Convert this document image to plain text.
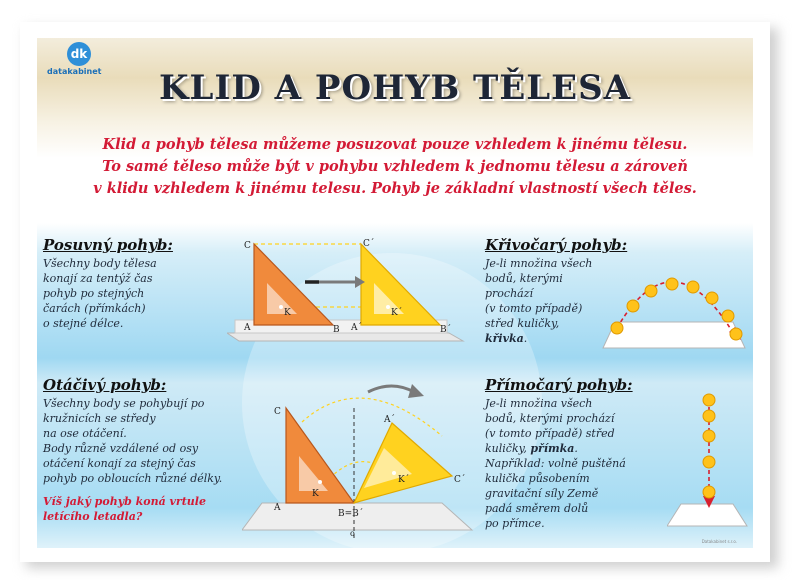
dk
datakabinet	KLID A POHYB TĚLESA
Klid a pohyb tělesa můžeme posuzovat pouze vzhledem k jinému tělesu.
To samé těleso může být v pohybu vzhledem k jednomu tělesu a zároveň
v klidu vzhledem k jinému telesu. Pohyb je základní vlastností všech těles.
Posuvný pohyb:

Všechny body tělesa

konají za tentýž čas

pohyb po stejných

čarách (přímkách)

o stejné délce.

C	C´
K	K´
A	B A´	B´
Křivočarý pohyb:

Je-li množina všech

bodů, kterými

prochází

(v tomto případě)

střed kuličky,

křivka.

Otáčivý pohyb:

Všechny body se pohybují po

kružnicích se středy

na ose otáčení.

Body různě vzdálené od osy

otáčení konají za stejný čas

pohyb po obloucích různé délky.

Víš jaký pohyb koná vrtule

letícího letadla?

C
C´
K
K´
A
A´
B=B´
o
Přímočarý pohyb:

Je-li množina všech

bodů, kterými prochází

(v tomto případě) střed

kuličky, přímka.

Například: volně puštěná

kulička působením

gravitační síly Země

padá směrem dolů

po přímce.

Datakabinet s.r.o.
